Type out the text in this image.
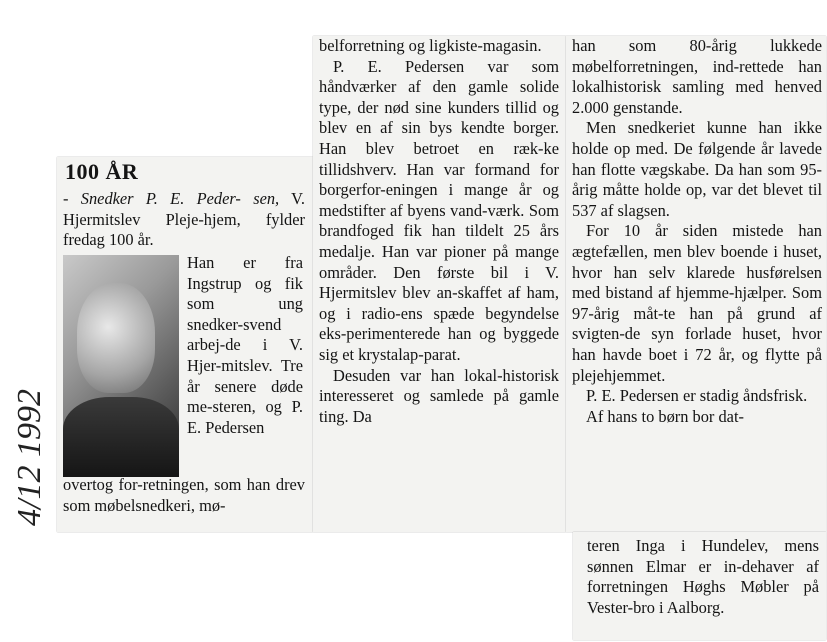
100 ÅR
- Snedker P. E. Peder- sen, V. Hjermitslev Pleje-hjem, fylder fredag 100 år.
Han er fra Ingstrup og fik som ung snedker-svend arbej-de i V. Hjer-mitslev. Tre år senere døde me-steren, og P. E. Pedersen
overtog for-retningen, som han drev som møbelsnedkeri, mø-
4/12 1992

belforretning og ligkiste-magasin.

P. E. Pedersen var som håndværker af den gamle solide type, der nød sine kunders tillid og blev en af sin bys kendte borger. Han blev betroet en ræk-ke tillidshverv. Han var formand for borgerfor-eningen i mange år og medstifter af byens vand-værk. Som brandfoged fik han tildelt 25 års medalje. Han var pioner på mange områder. Den første bil i V. Hjermitslev blev an-skaffet af ham, og i radio-ens spæde begyndelse eks-perimenterede han og byggede sig et krystalap-parat.

Desuden var han lokal-historisk interesseret og samlede på gamle ting. Da

han som 80-årig lukkede møbelforretningen, ind-rettede han lokalhistorisk samling med henved 2.000 genstande.

Men snedkeriet kunne han ikke holde op med. De følgende år lavede han flotte vægskabe. Da han som 95-årig måtte holde op, var det blevet til 537 af slagsen.

For 10 år siden mistede han ægtefællen, men blev boende i huset, hvor han selv klarede husførelsen med bistand af hjemme-hjælper. Som 97-årig måt-te han på grund af svigten-de syn forlade huset, hvor han havde boet i 72 år, og flytte på plejehjemmet.

P. E. Pedersen er stadig åndsfrisk.

Af hans to børn bor dat-

teren Inga i Hundelev, mens sønnen Elmar er in-dehaver af forretningen Høghs Møbler på Vester-bro i Aalborg.
